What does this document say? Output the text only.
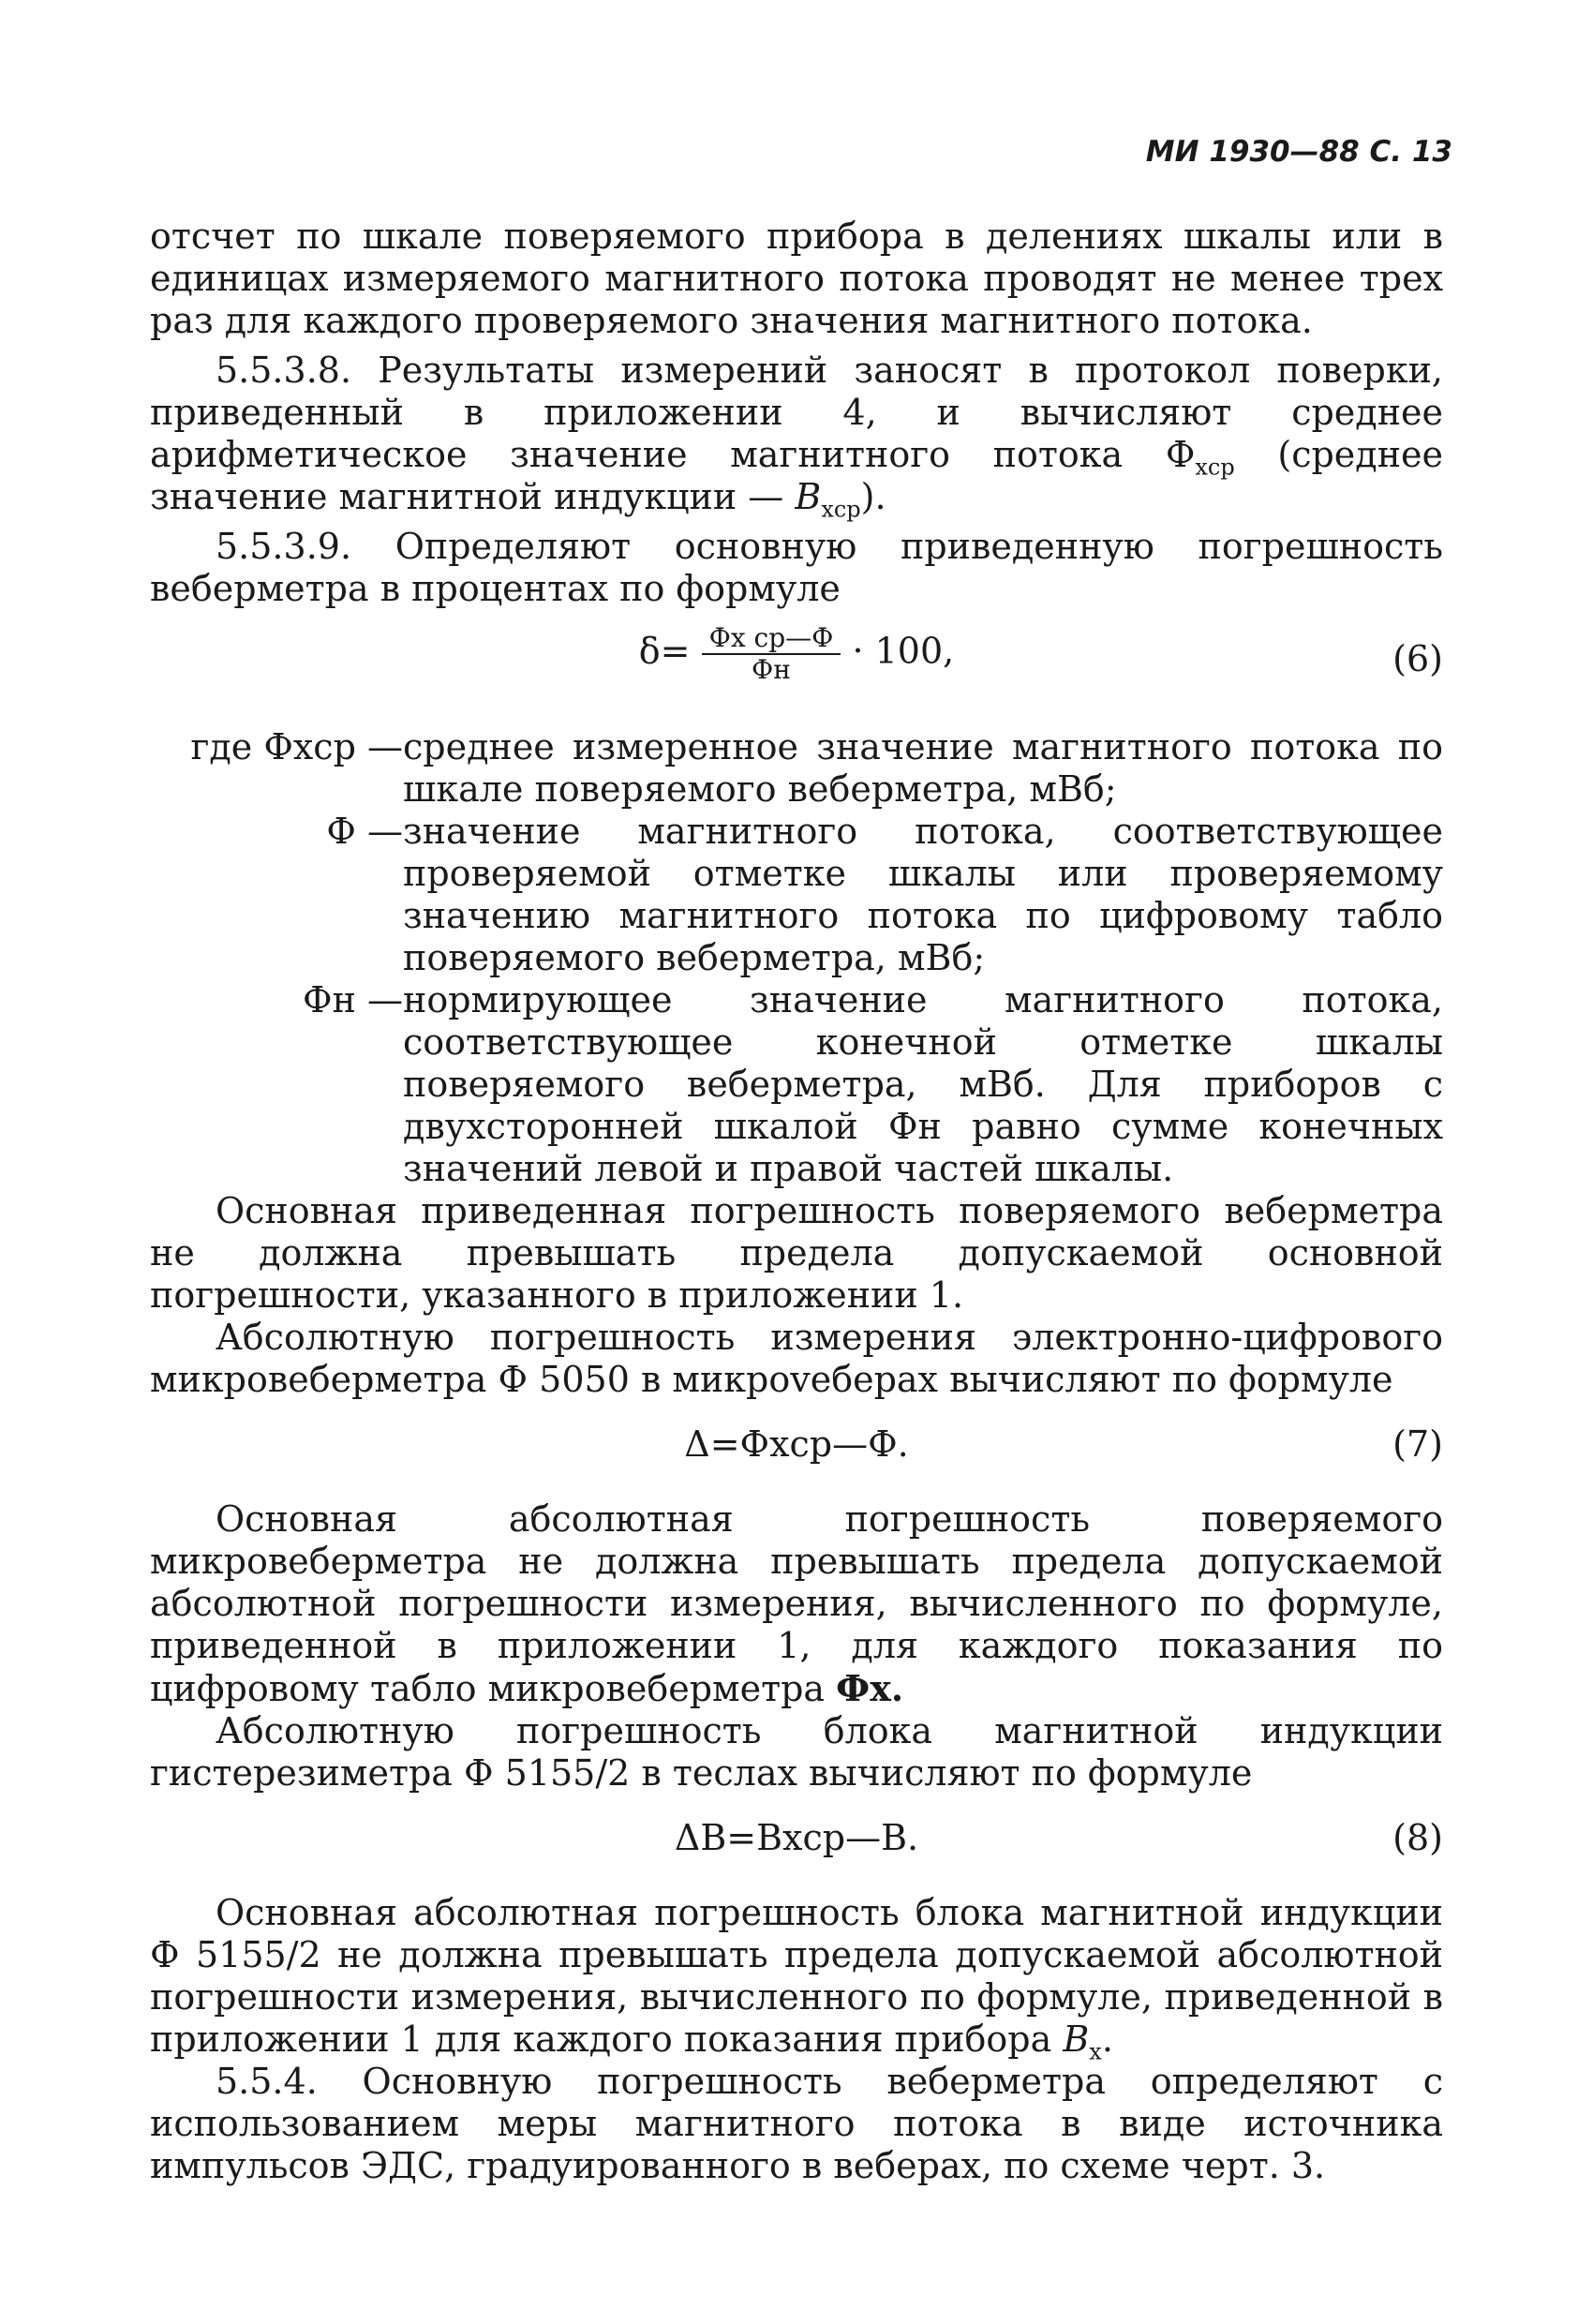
МИ 1930—88 С. 13

отсчет по шкале поверяемого прибора в делениях шкалы или в единицах измеряемого магнитного потока проводят не менее трех раз для каждого проверяемого значения магнитного потока.

5.5.3.8. Результаты измерений заносят в протокол поверки, приведенный в приложении 4, и вычисляют среднее арифметическое значение магнитного потока $Ф_{хср}$ (среднее значение магнитной индукции — $B_{хср}$).

5.5.3.9. Определяют основную приведенную погрешность веберметра в процентах по формуле

$\delta= \frac{\text{Фх ср—Ф}}{Фн} \cdot 100$,	(6)
где Фхср — среднее измеренное значение магнитного потока по шкале поверяемого веберметра, мВб;
Ф — значение магнитного потока, соответствующее проверяемой отметке шкалы или проверяемому значению магнитного потока по цифровому табло поверяемого веберметра, мВб;
Фн — нормирующее значение магнитного потока, соответствующее конечной отметке шкалы поверяемого веберметра, мВб. Для приборов с двухсторонней шкалой Фн равно сумме конечных значений левой и правой частей шкалы.

Основная приведенная погрешность поверяемого веберметра не должна превышать предела допускаемой основной погрешности, указанного в приложении 1.

Абсолютную погрешность измерения электронно-цифрового микровеберметра Ф 5050 в микроveберах вычисляют по формуле

Δ=Фхср—Ф.	(7)

Основная абсолютная погрешность поверяемого микровеберметра не должна превышать предела допускаемой абсолютной погрешности измерения, вычисленного по формуле, приведенной в приложении 1, для каждого показания по цифровому табло микровеберметра Фх.

Абсолютную погрешность блока магнитной индукции гистерезиметра Ф 5155/2 в теслах вычисляют по формуле

ΔB=Bхср—B.	(8)

Основная абсолютная погрешность блока магнитной индукции Ф 5155/2 не должна превышать предела допускаемой абсолютной погрешности измерения, вычисленного по формуле, приведенной в приложении 1 для каждого показания прибора $B_х$.

5.5.4. Основную погрешность веберметра определяют с использованием меры магнитного потока в виде источника импульсов ЭДС, градуированного в веберах, по схеме черт. 3.
